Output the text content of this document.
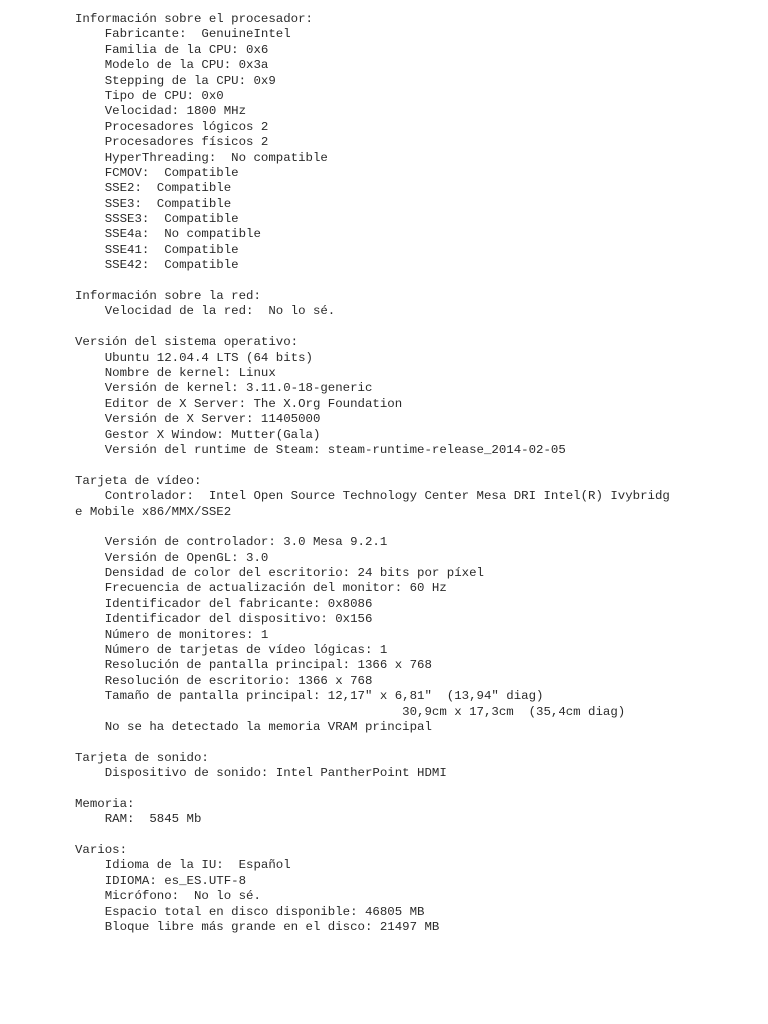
Información sobre el procesador:
Fabricante:  GenuineIntel
Familia de la CPU: 0x6
Modelo de la CPU: 0x3a
Stepping de la CPU: 0x9
Tipo de CPU: 0x0
Velocidad: 1800 MHz
Procesadores lógicos 2
Procesadores físicos 2
HyperThreading:  No compatible
FCMOV:  Compatible
SSE2:  Compatible
SSE3:  Compatible
SSSE3:  Compatible
SSE4a:  No compatible
SSE41:  Compatible
SSE42:  Compatible
Información sobre la red:
Velocidad de la red:  No lo sé.
Versión del sistema operativo:
Ubuntu 12.04.4 LTS (64 bits)
Nombre de kernel: Linux
Versión de kernel: 3.11.0-18-generic
Editor de X Server: The X.Org Foundation
Versión de X Server: 11405000
Gestor X Window: Mutter(Gala)
Versión del runtime de Steam: steam-runtime-release_2014-02-05
Tarjeta de vídeo:
Controlador:  Intel Open Source Technology Center Mesa DRI Intel(R) Ivybridg
e Mobile x86/MMX/SSE2
Versión de controlador: 3.0 Mesa 9.2.1
Versión de OpenGL: 3.0
Densidad de color del escritorio: 24 bits por píxel
Frecuencia de actualización del monitor: 60 Hz
Identificador del fabricante: 0x8086
Identificador del dispositivo: 0x156
Número de monitores: 1
Número de tarjetas de vídeo lógicas: 1
Resolución de pantalla principal: 1366 x 768
Resolución de escritorio: 1366 x 768
Tamaño de pantalla principal: 12,17" x 6,81"  (13,94" diag)
30,9cm x 17,3cm  (35,4cm diag)
No se ha detectado la memoria VRAM principal
Tarjeta de sonido:
Dispositivo de sonido: Intel PantherPoint HDMI
Memoria:
RAM:  5845 Mb
Varios:
Idioma de la IU:  Español
IDIOMA: es_ES.UTF-8
Micrófono:  No lo sé.
Espacio total en disco disponible: 46805 MB
Bloque libre más grande en el disco: 21497 MB
